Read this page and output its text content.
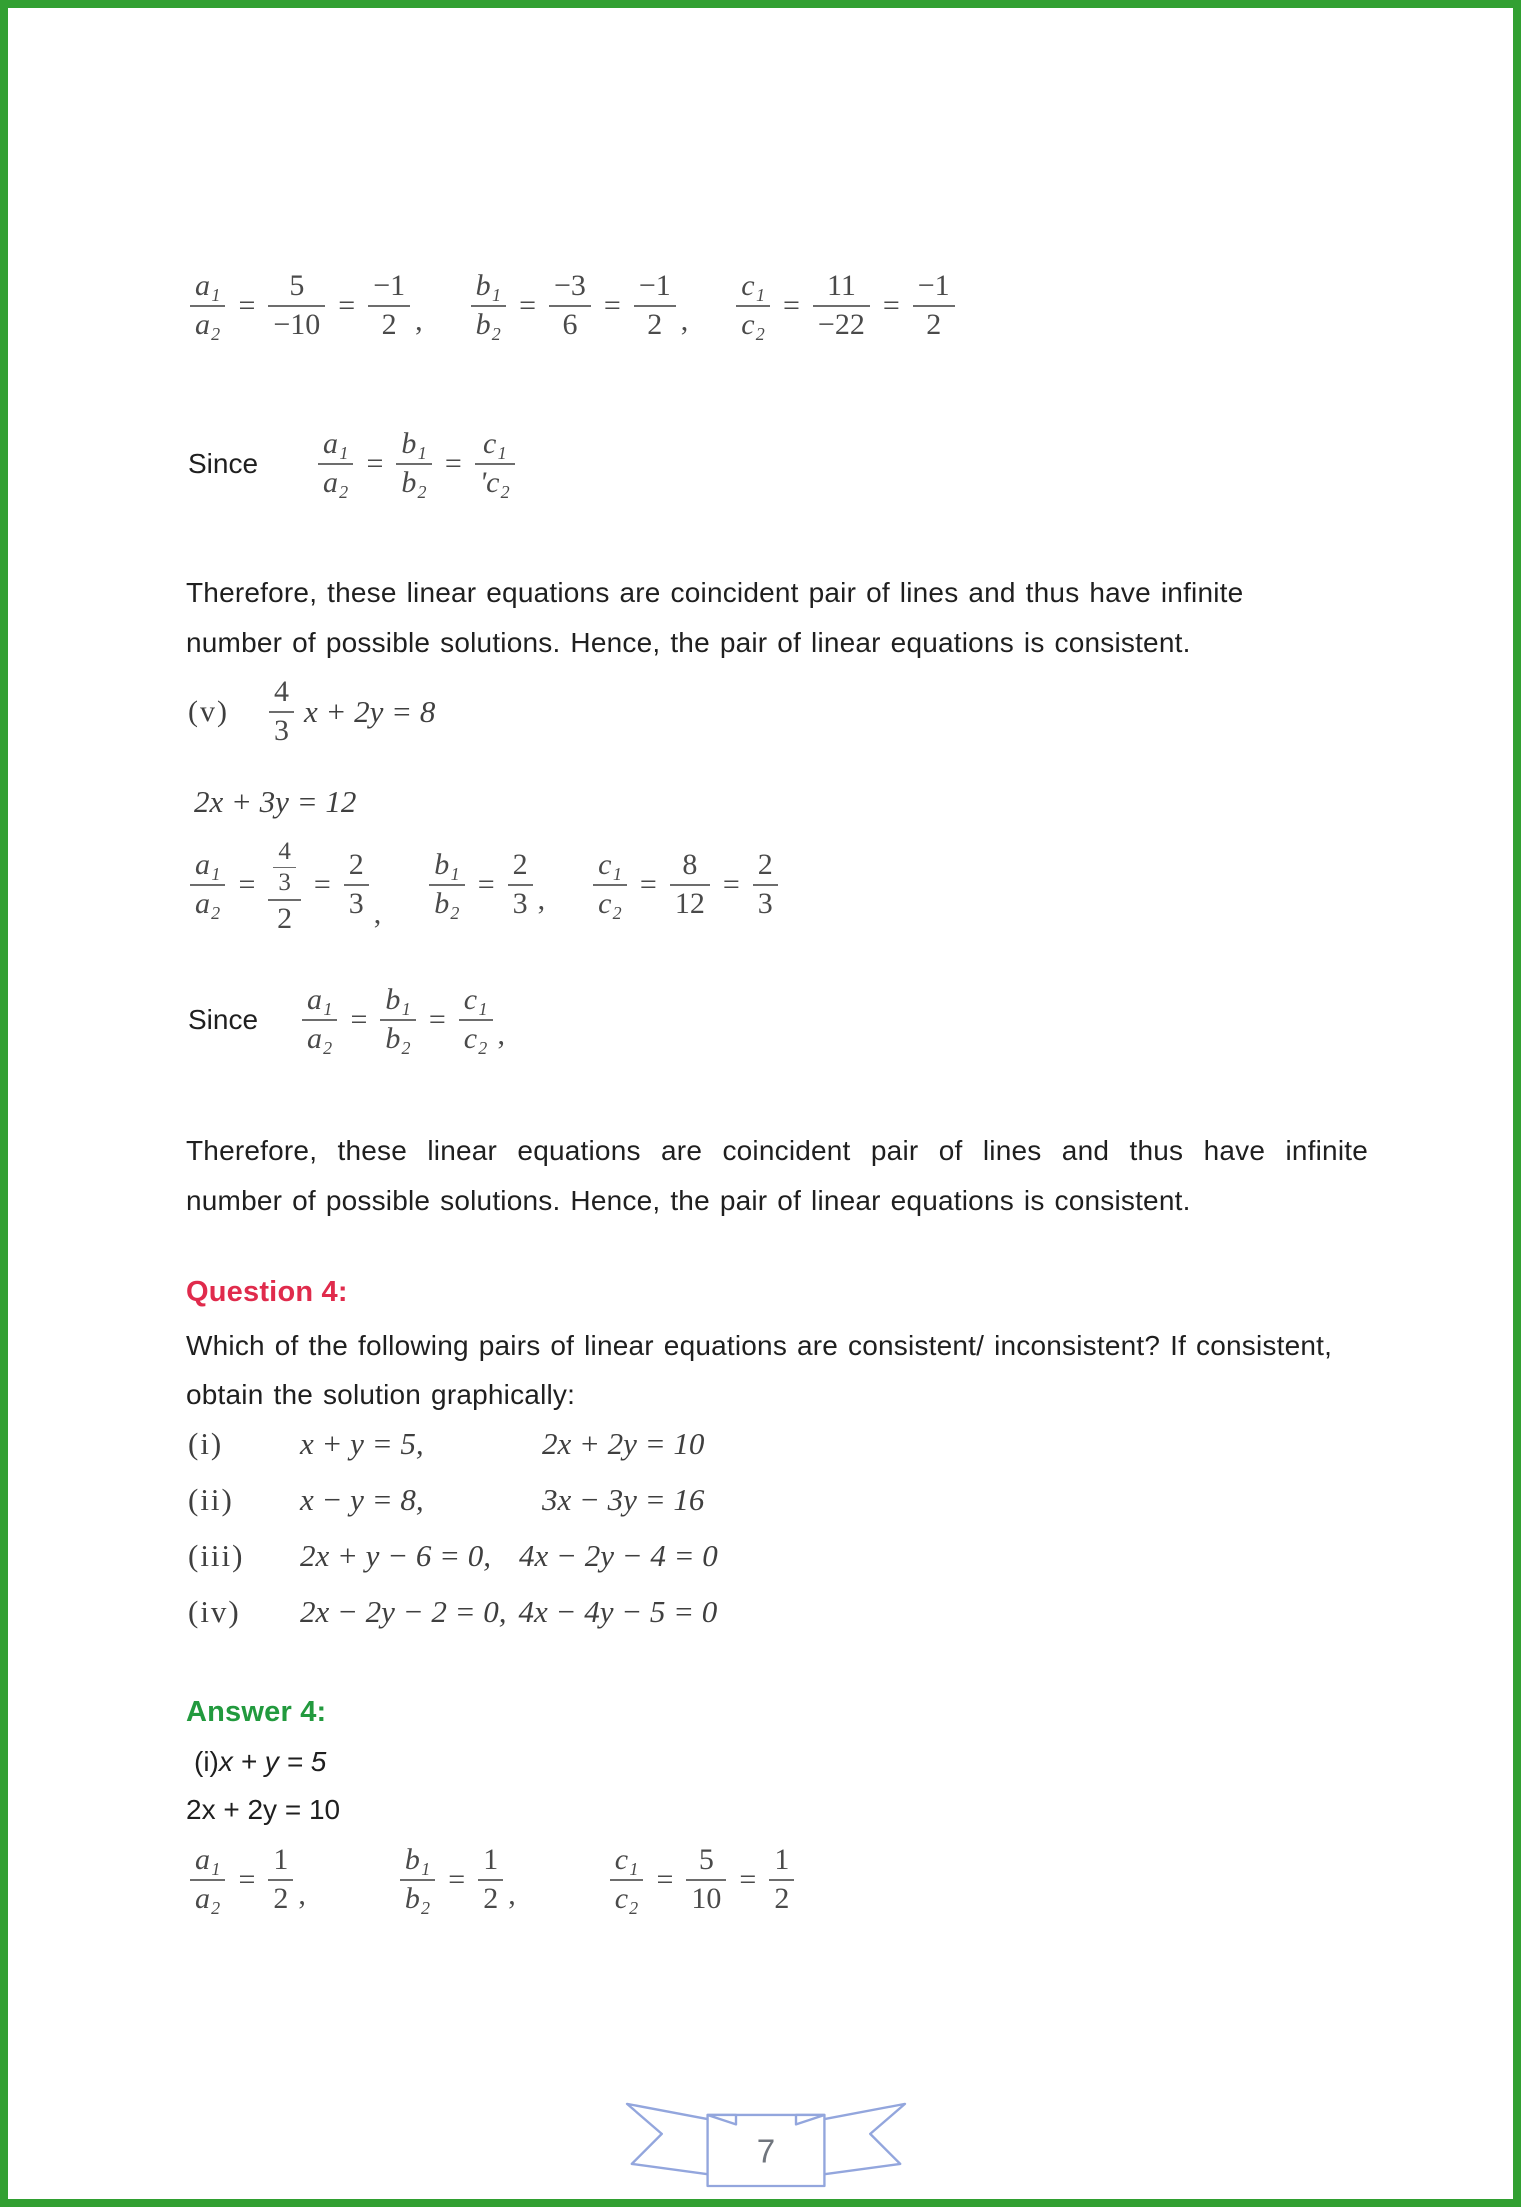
$\frac{\text{a₁}}{\text{a₂}} = \frac{5}{-10} = \frac{-1}{2}$ , $\frac{\text{b₁}}{\text{b₂}} = \frac{-3}{6} = \frac{-1}{2}$ , $\frac{\text{c₁}}{\text{c₂}} = \frac{11}{-22} = \frac{-1}{2}$
Since $\frac{\text{a₁}}{\text{a₂}} = \frac{\text{b₁}}{\text{b₂}} = \frac{\text{c₁}}{\text{'c₂}}$
Therefore, these linear equations are coincident pair of lines and thus have infinite
number of possible solutions. Hence, the pair of linear equations is consistent.
$(v) \frac{4}{3}$ x + 2y = 8
2x + 3y = 12
$\frac{\text{a₁}}{\text{a₂}} = \frac{\frac{4}{3}}{2} = \frac{2}{3}$ , $\frac{\text{b₁}}{\text{b₂}} = \frac{2}{3}$ , $\frac{\text{c₁}}{\text{c₂}} = \frac{8}{12} = \frac{2}{3}$
Since $\frac{\text{a₁}}{\text{a₂}} = \frac{\text{b₁}}{\text{b₂}} = \frac{\text{c₁}}{\text{c₂}}$ ,
Therefore, these linear equations are coincident pair of lines and thus have infinite
number of possible solutions. Hence, the pair of linear equations is consistent.
Question 4:
Which of the following pairs of linear equations are consistent/ inconsistent? If consistent,
obtain the solution graphically:
(i) x + y = 5,	2x + 2y = 10
(ii) x − y = 8,	3x − 3y = 16
(iii) 2x + y − 6 = 0, 4x − 2y − 4 = 0
(iv) 2x − 2y − 2 = 0, 4x − 4y − 5 = 0
Answer 4:
(i)x + y = 5
2x + 2y = 10
$\frac{\text{a₁}}{\text{a₂}} = \frac{1}{2}$ ,	$\frac{\text{b₁}}{\text{b₂}} = \frac{1}{2}$ ,	$\frac{\text{c₁}}{\text{c₂}} = \frac{5}{10} = \frac{1}{2}$
7
